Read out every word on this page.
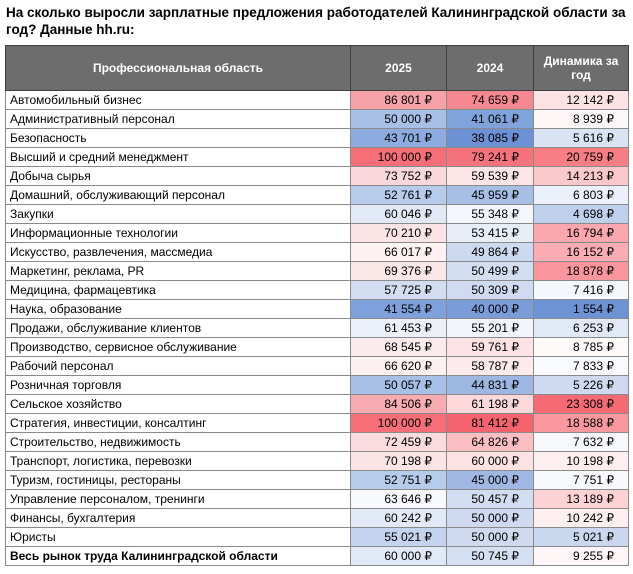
На сколько выросли зарплатные предложения работодателей Калининградской области за год? Данные hh.ru:
Профессиональная область	2025	2024	Динамика за год
Автомобильный бизнес	86 801 ₽	74 659 ₽	12 142 ₽
Административный персонал	50 000 ₽	41 061 ₽	8 939 ₽
Безопасность	43 701 ₽	38 085 ₽	5 616 ₽
Высший и средний менеджмент	100 000 ₽	79 241 ₽	20 759 ₽
Добыча сырья	73 752 ₽	59 539 ₽	14 213 ₽
Домашний, обслуживающий персонал	52 761 ₽	45 959 ₽	6 803 ₽
Закупки	60 046 ₽	55 348 ₽	4 698 ₽
Информационные технологии	70 210 ₽	53 415 ₽	16 794 ₽
Искусство, развлечения, массмедиа	66 017 ₽	49 864 ₽	16 152 ₽
Маркетинг, реклама, PR	69 376 ₽	50 499 ₽	18 878 ₽
Медицина, фармацевтика	57 725 ₽	50 309 ₽	7 416 ₽
Наука, образование	41 554 ₽	40 000 ₽	1 554 ₽
Продажи, обслуживание клиентов	61 453 ₽	55 201 ₽	6 253 ₽
Производство, сервисное обслуживание	68 545 ₽	59 761 ₽	8 785 ₽
Рабочий персонал	66 620 ₽	58 787 ₽	7 833 ₽
Розничная торговля	50 057 ₽	44 831 ₽	5 226 ₽
Сельское хозяйство	84 506 ₽	61 198 ₽	23 308 ₽
Стратегия, инвестиции, консалтинг	100 000 ₽	81 412 ₽	18 588 ₽
Строительство, недвижимость	72 459 ₽	64 826 ₽	7 632 ₽
Транспорт, логистика, перевозки	70 198 ₽	60 000 ₽	10 198 ₽
Туризм, гостиницы, рестораны	52 751 ₽	45 000 ₽	7 751 ₽
Управление персоналом, тренинги	63 646 ₽	50 457 ₽	13 189 ₽
Финансы, бухгалтерия	60 242 ₽	50 000 ₽	10 242 ₽
Юристы	55 021 ₽	50 000 ₽	5 021 ₽
Весь рынок труда Калининградской области	60 000 ₽	50 745 ₽	9 255 ₽
